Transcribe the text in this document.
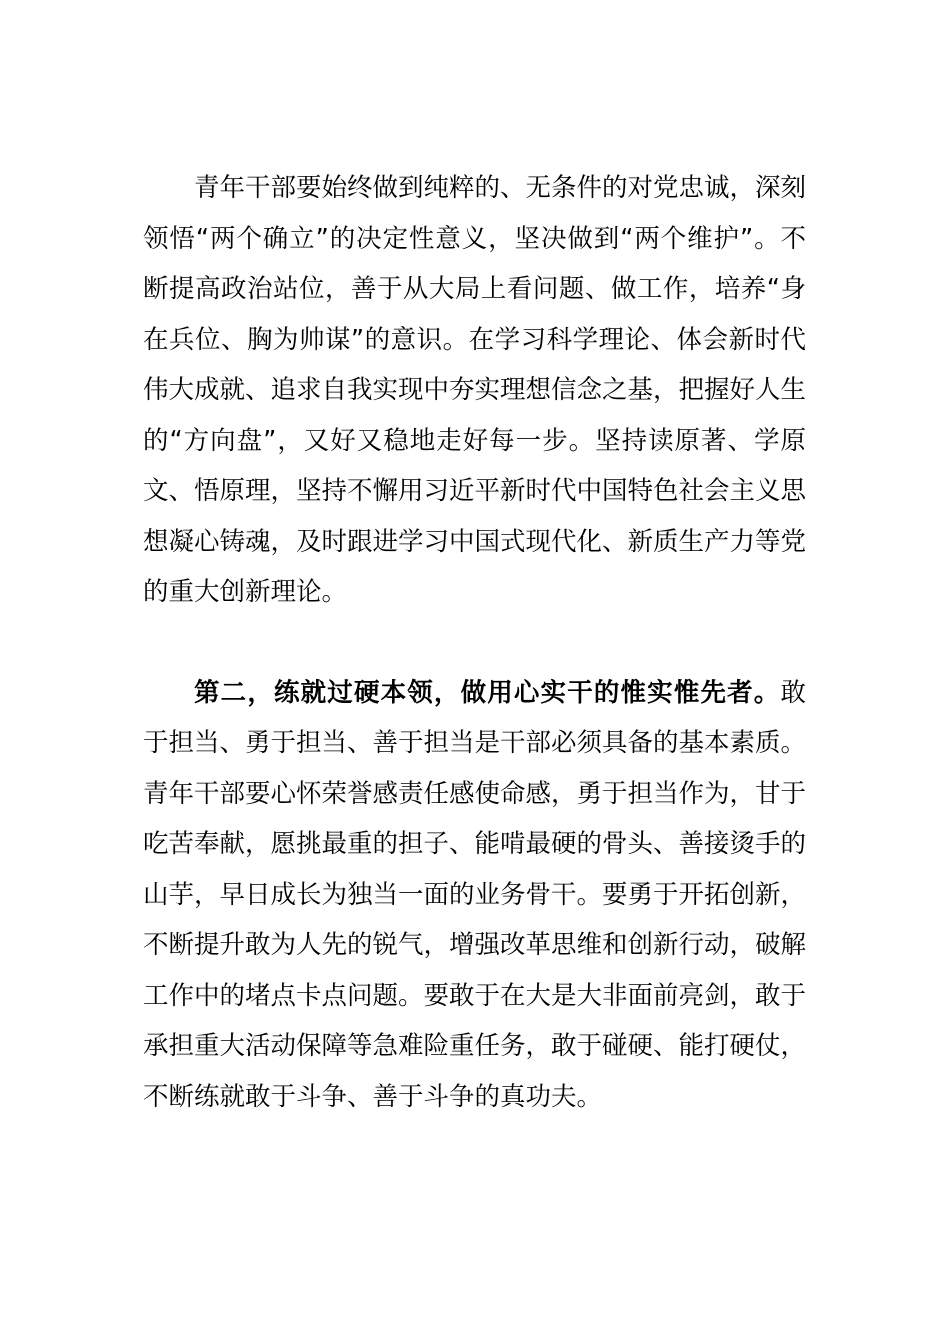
青年干部要始终做到纯粹的、无条件的对党忠诚，深刻领悟“两个确立”的决定性意义，坚决做到“两个维护”。不断提高政治站位，善于从大局上看问题、做工作，培养“身在兵位、胸为帅谋”的意识。在学习科学理论、体会新时代伟大成就、追求自我实现中夯实理想信念之基，把握好人生的“方向盘”，又好又稳地走好每一步。坚持读原著、学原文、悟原理，坚持不懈用习近平新时代中国特色社会主义思想凝心铸魂，及时跟进学习中国式现代化、新质生产力等党的重大创新理论。

第二，练就过硬本领，做用心实干的惟实惟先者。敢于担当、勇于担当、善于担当是干部必须具备的基本素质。青年干部要心怀荣誉感责任感使命感，勇于担当作为，甘于吃苦奉献，愿挑最重的担子、能啃最硬的骨头、善接烫手的山芋，早日成长为独当一面的业务骨干。要勇于开拓创新，不断提升敢为人先的锐气，增强改革思维和创新行动，破解工作中的堵点卡点问题。要敢于在大是大非面前亮剑，敢于承担重大活动保障等急难险重任务，敢于碰硬、能打硬仗，不断练就敢于斗争、善于斗争的真功夫。
